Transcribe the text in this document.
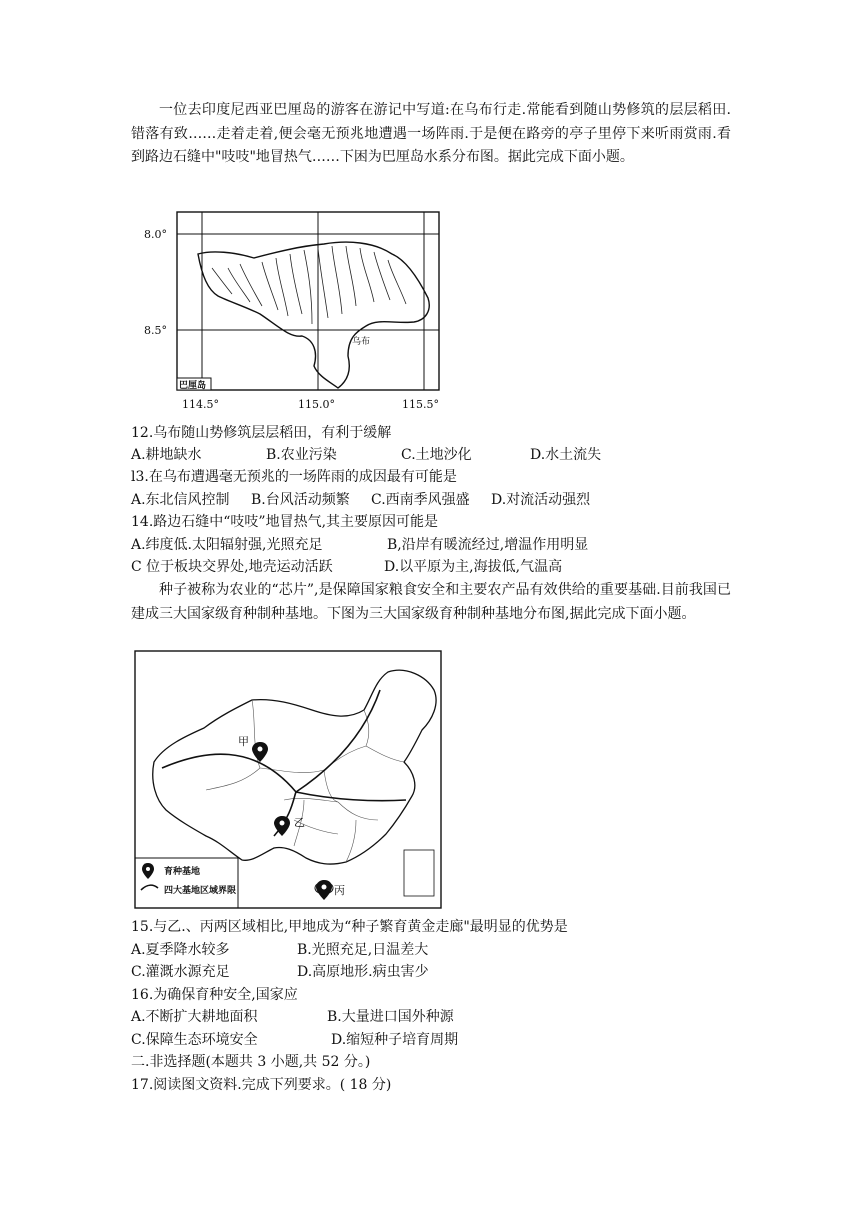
一位去印度尼西亚巴厘岛的游客在游记中写道:在乌布行走.常能看到随山势修筑的层层稻田.错落有致……走着走着,便会毫无预兆地遭遇一场阵雨.于是便在路旁的亭子里停下来听雨赏雨.看到路边石缝中"吱吱"地冒热气……下困为巴厘岛水系分布图。据此完成下面小题。
8.0°
8.5°
114.5°	115.0°	115.5°
乌布
巴厘岛
12.乌布随山势修筑层层稻田，有利于缓解
A.耕地缺水	B.农业污染	C.土地沙化	D.水土流失
l3.在乌布遭遇毫无预兆的一场阵雨的成因最有可能是
A.东北信风控制 B.台风活动频繁 C.西南季风强盛 D.对流活动强烈
14.路边石缝中“吱吱”地冒热气,其主要原因可能是
A.纬度低.太阳辐射强,光照充足	B,沿岸有暖流经过,增温作用明显
C 位于板块交界处,地壳运动活跃	D.以平原为主,海拔低,气温高
种子被称为农业的“芯片”,是保障国家粮食安全和主要农产品有效供给的重要基础.目前我国已建成三大国家级育种制种基地。下图为三大国家级育种制种基地分布图,据此完成下面小题。
甲
乙
丙
育种基地
四大基地区域界限
15.与乙.、丙两区域相比,甲地成为“种子繁育黄金走廊"最明显的优势是
A.夏季降水较多	B.光照充足,日温差大
C.灌溉水源充足	D.高原地形.病虫害少
16.为确保育种安全,国家应
A.不断扩大耕地面积	B.大量进口国外种源
C.保障生态环境安全	D.缩短种子培育周期
二.非选择题(本题共 3 小题,共 52 分。)
17.阅读图文资料.完成下列要求。( 18 分)
